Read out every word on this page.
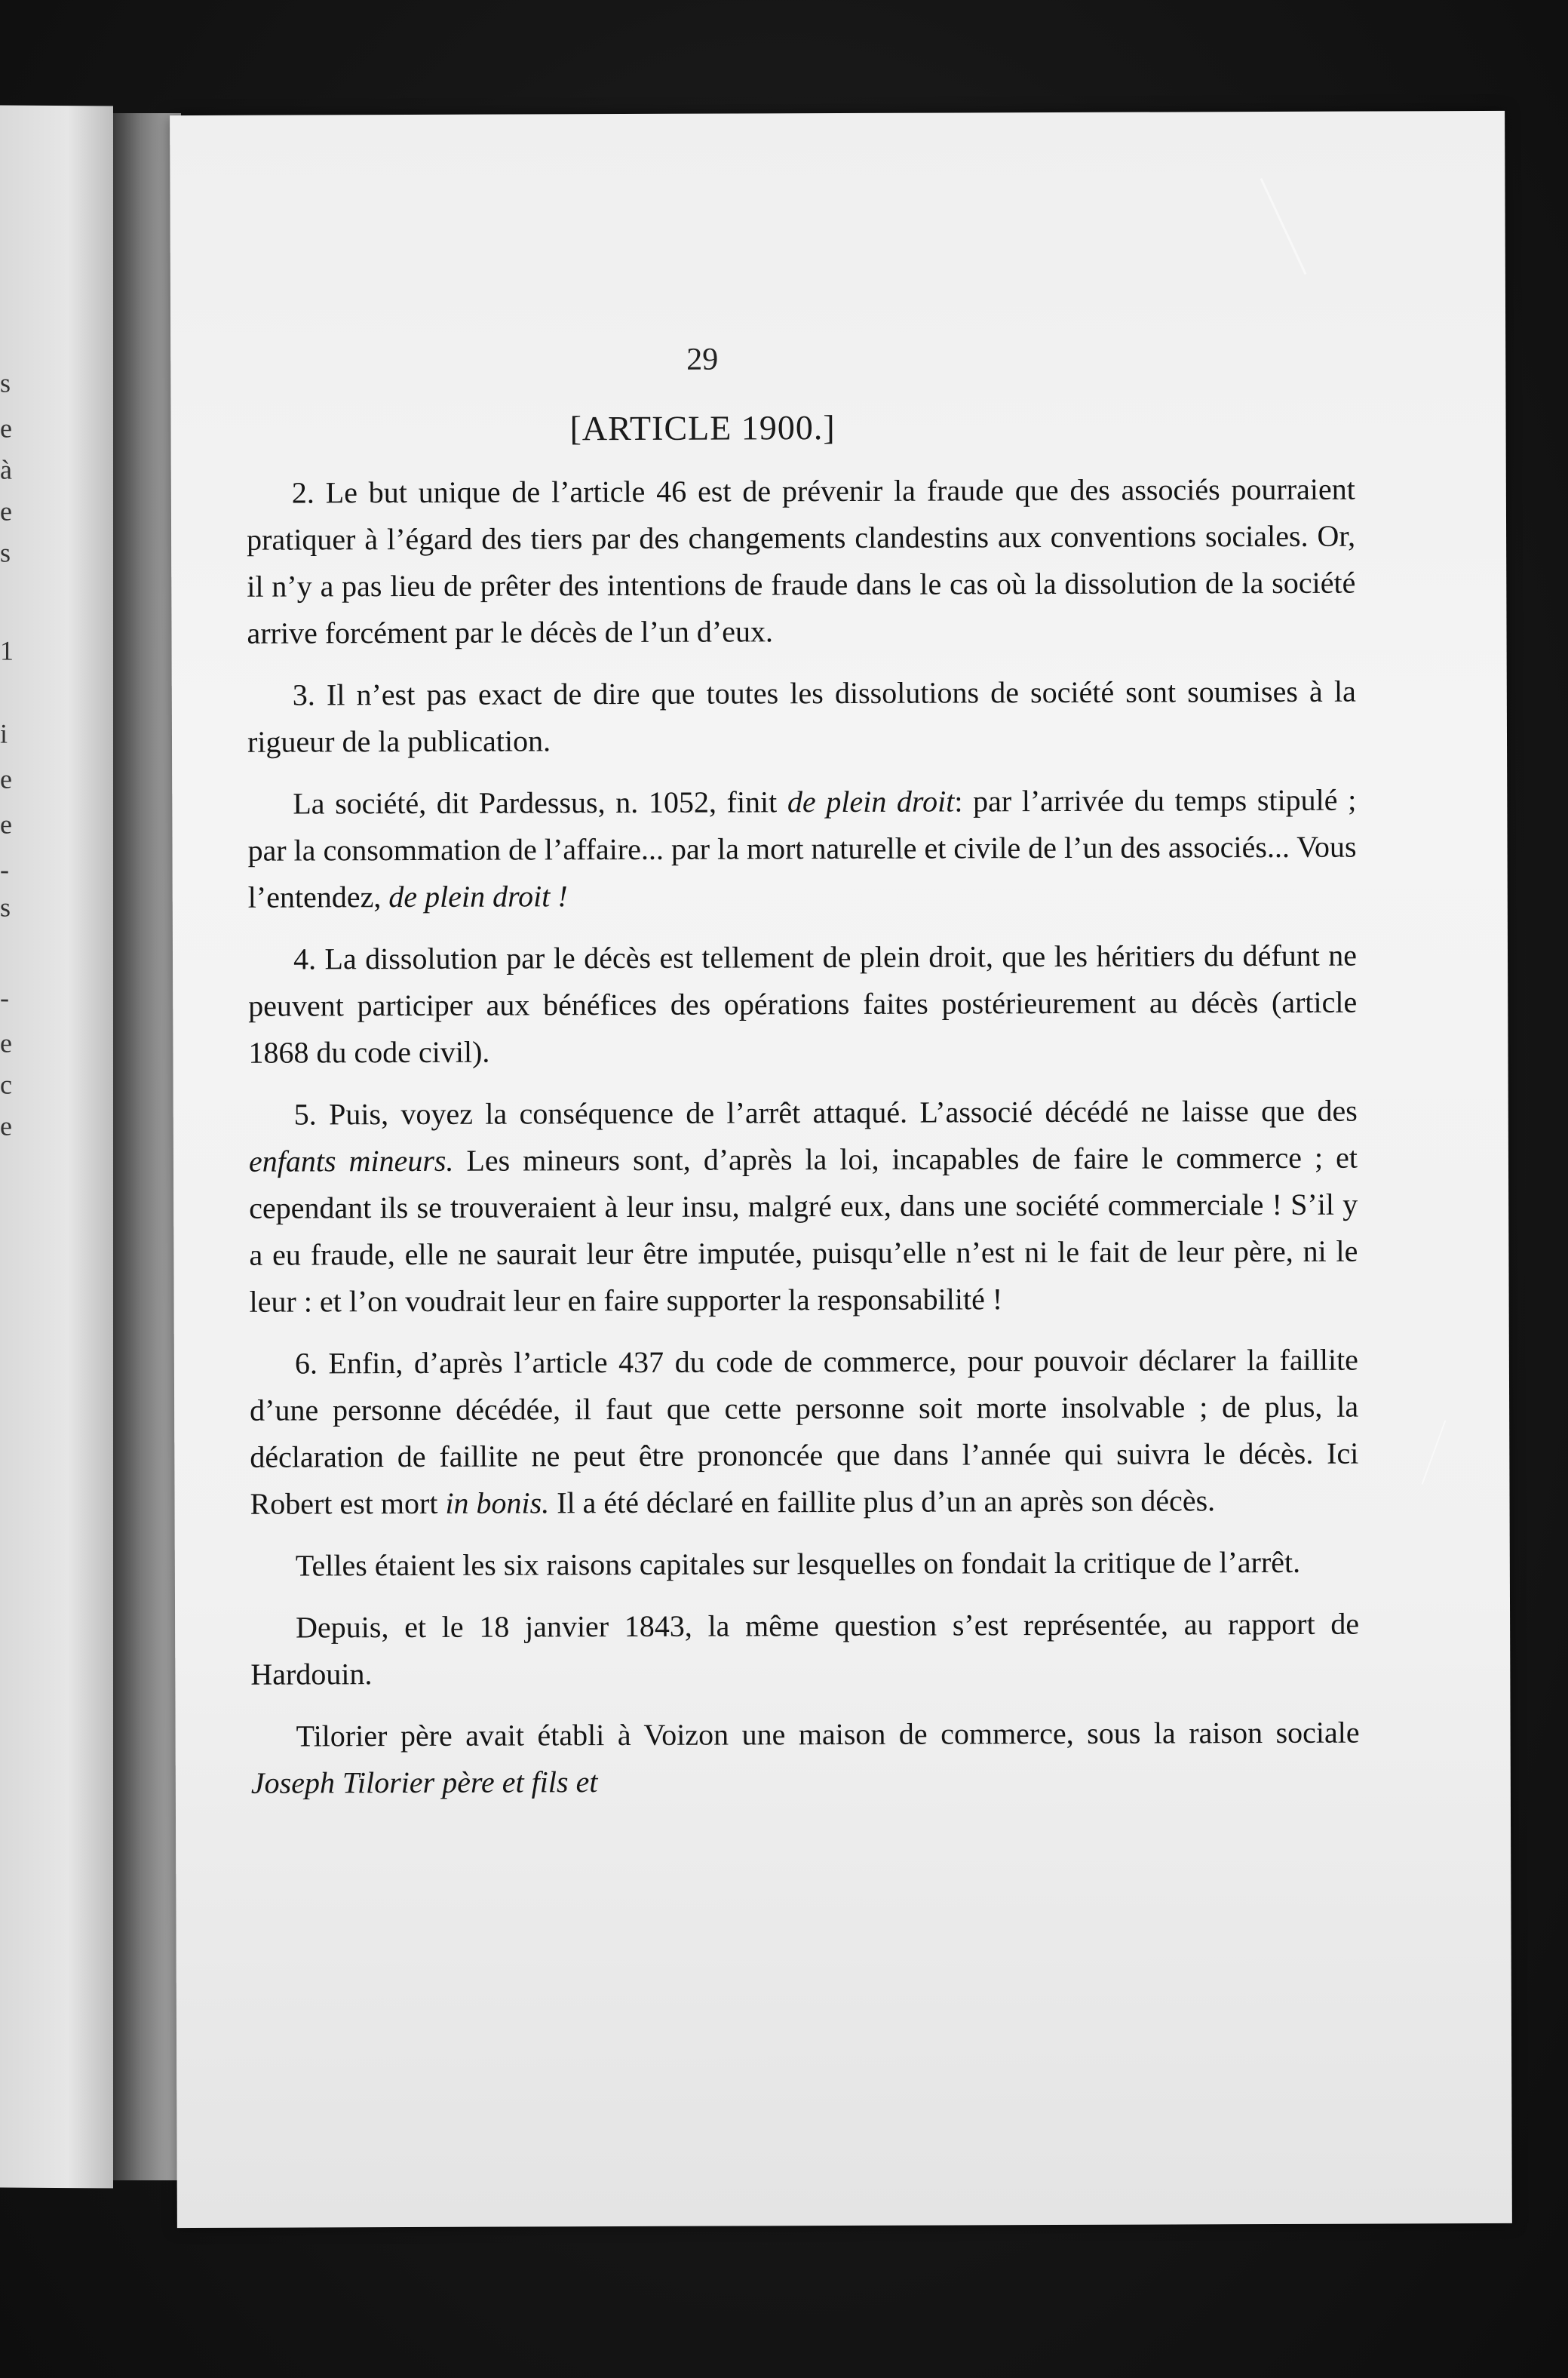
s
e
à
e
s
1
i
e
e
-
s
-
e
c
e
29
[ARTICLE 1900.]

2. Le but unique de l’article 46 est de prévenir la fraude que des associés pourraient pratiquer à l’égard des tiers par des changements clandestins aux conventions sociales. Or, il n’y a pas lieu de prêter des intentions de fraude dans le cas où la dissolution de la société arrive forcément par le décès de l’un d’eux.

3. Il n’est pas exact de dire que toutes les dissolutions de société sont soumises à la rigueur de la publication.

La société, dit Pardessus, n. 1052, finit de plein droit: par l’arrivée du temps stipulé ; par la consommation de l’affaire... par la mort naturelle et civile de l’un des associés... Vous l’entendez, de plein droit !

4. La dissolution par le décès est tellement de plein droit, que les héritiers du défunt ne peuvent participer aux bénéfices des opérations faites postérieurement au décès (article 1868 du code civil).

5. Puis, voyez la conséquence de l’arrêt attaqué. L’associé décédé ne laisse que des enfants mineurs. Les mineurs sont, d’après la loi, incapables de faire le commerce ; et cependant ils se trouveraient à leur insu, malgré eux, dans une société commerciale ! S’il y a eu fraude, elle ne saurait leur être imputée, puisqu’elle n’est ni le fait de leur père, ni le leur : et l’on voudrait leur en faire supporter la responsabilité !

6. Enfin, d’après l’article 437 du code de commerce, pour pouvoir déclarer la faillite d’une personne décédée, il faut que cette personne soit morte insolvable ; de plus, la déclaration de faillite ne peut être prononcée que dans l’année qui suivra le décès. Ici Robert est mort in bonis. Il a été déclaré en faillite plus d’un an après son décès.

Telles étaient les six raisons capitales sur lesquelles on fondait la critique de l’arrêt.

Depuis, et le 18 janvier 1843, la même question s’est représentée, au rapport de Hardouin.

Tilorier père avait établi à Voizon une maison de commerce, sous la raison sociale Joseph Tilorier père et fils et
